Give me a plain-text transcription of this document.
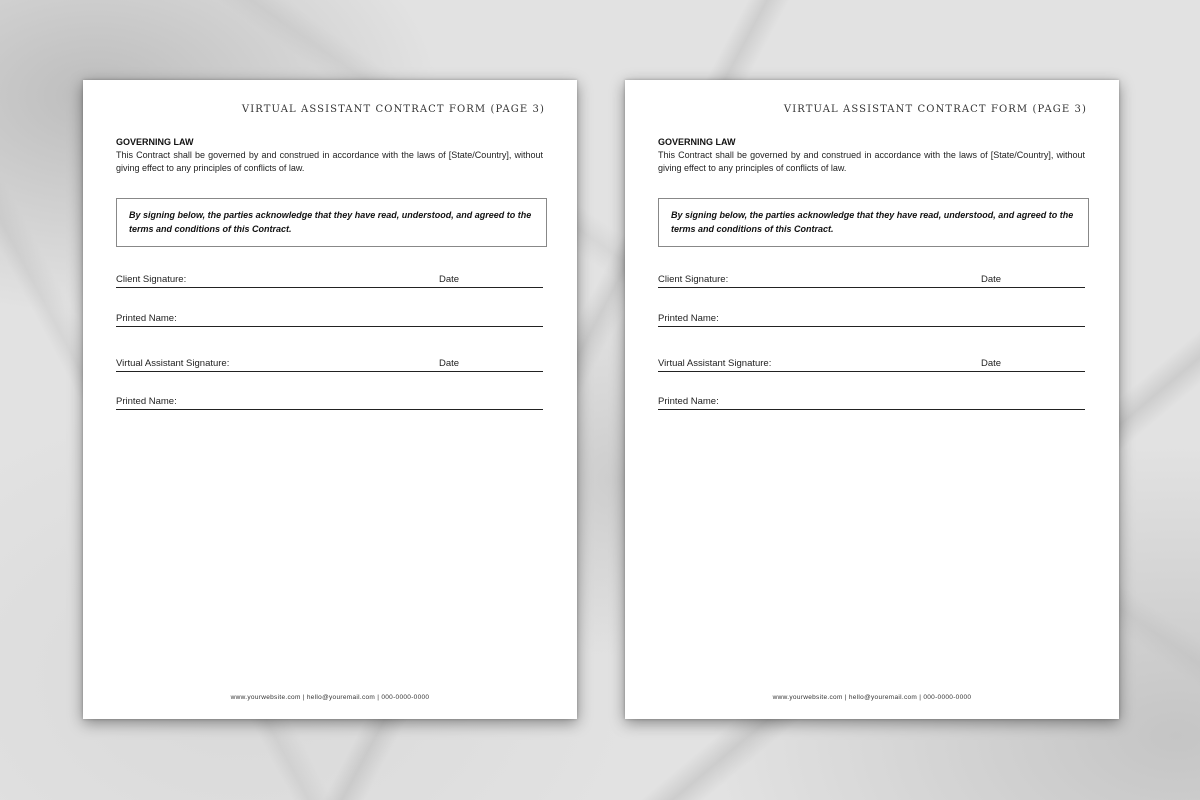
VIRTUAL ASSISTANT CONTRACT FORM (PAGE 3)
GOVERNING LAW

This Contract shall be governed by and construed in accordance with the laws of [State/Country], without giving effect to any principles of conflicts of law.

By signing below, the parties acknowledge that they have read, understood, and agreed to the terms and conditions of this Contract.

Client Signature:	Date
Printed Name:
Virtual Assistant Signature:	Date
Printed Name:
www.yourwebsite.com | hello@youremail.com | 000-0000-0000
VIRTUAL ASSISTANT CONTRACT FORM (PAGE 3)
GOVERNING LAW

This Contract shall be governed by and construed in accordance with the laws of [State/Country], without giving effect to any principles of conflicts of law.

By signing below, the parties acknowledge that they have read, understood, and agreed to the terms and conditions of this Contract.

Client Signature:	Date
Printed Name:
Virtual Assistant Signature:	Date
Printed Name:
www.yourwebsite.com | hello@youremail.com | 000-0000-0000
